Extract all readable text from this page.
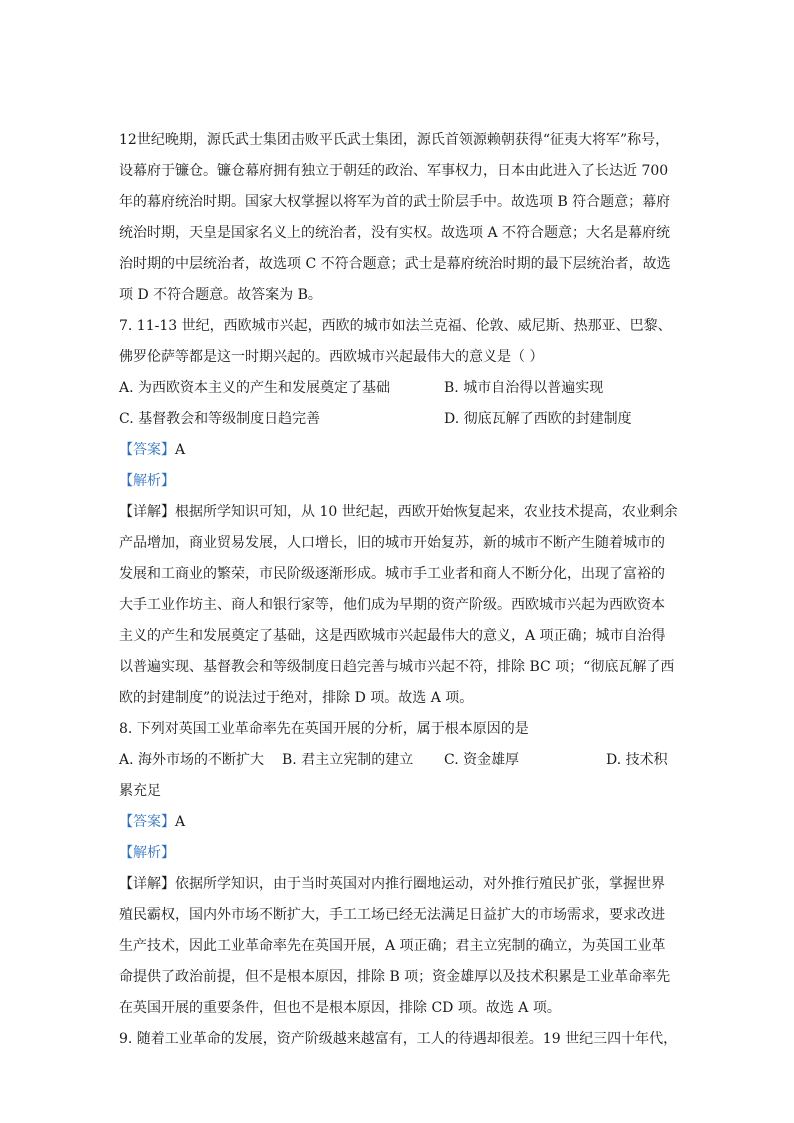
12世纪晚期，源氏武士集团击败平氏武士集团，源氏首领源赖朝获得“征夷大将军”称号，
设幕府于镰仓。镰仓幕府拥有独立于朝廷的政治、军事权力，日本由此进入了长达近 700
年的幕府统治时期。国家大权掌握以将军为首的武士阶层手中。故选项 B 符合题意；幕府
统治时期，天皇是国家名义上的统治者，没有实权。故选项 A 不符合题意；大名是幕府统
治时期的中层统治者，故选项 C 不符合题意；武士是幕府统治时期的最下层统治者，故选
项 D 不符合题意。故答案为 B。
7. 11-13 世纪，西欧城市兴起，西欧的城市如法兰克福、伦敦、威尼斯、热那亚、巴黎、
佛罗伦萨等都是这一时期兴起的。西欧城市兴起最伟大的意义是（ ）
A. 为西欧资本主义的产生和发展奠定了基础	B. 城市自治得以普遍实现
C. 基督教会和等级制度日趋完善	D. 彻底瓦解了西欧的封建制度
【答案】A
【解析】
【详解】根据所学知识可知，从 10 世纪起，西欧开始恢复起来，农业技术提高，农业剩余
产品增加，商业贸易发展，人口增长，旧的城市开始复苏，新的城市不断产生随着城市的
发展和工商业的繁荣，市民阶级逐渐形成。城市手工业者和商人不断分化，出现了富裕的
大手工业作坊主、商人和银行家等，他们成为早期的资产阶级。西欧城市兴起为西欧资本
主义的产生和发展奠定了基础，这是西欧城市兴起最伟大的意义，A 项正确；城市自治得
以普遍实现、基督教会和等级制度日趋完善与城市兴起不符，排除 BC 项；“彻底瓦解了西
欧的封建制度”的说法过于绝对，排除 D 项。故选 A 项。
8. 下列对英国工业革命率先在英国开展的分析，属于根本原因的是
A. 海外市场的不断扩大 B. 君主立宪制的建立 C. 资金雄厚	D. 技术积
累充足
【答案】A
【解析】
【详解】依据所学知识，由于当时英国对内推行圈地运动，对外推行殖民扩张，掌握世界
殖民霸权，国内外市场不断扩大，手工工场已经无法满足日益扩大的市场需求，要求改进
生产技术，因此工业革命率先在英国开展，A 项正确；君主立宪制的确立，为英国工业革
命提供了政治前提，但不是根本原因，排除 B 项；资金雄厚以及技术积累是工业革命率先
在英国开展的重要条件，但也不是根本原因，排除 CD 项。故选 A 项。
9. 随着工业革命的发展，资产阶级越来越富有，工人的待遇却很差。19 世纪三四十年代，
